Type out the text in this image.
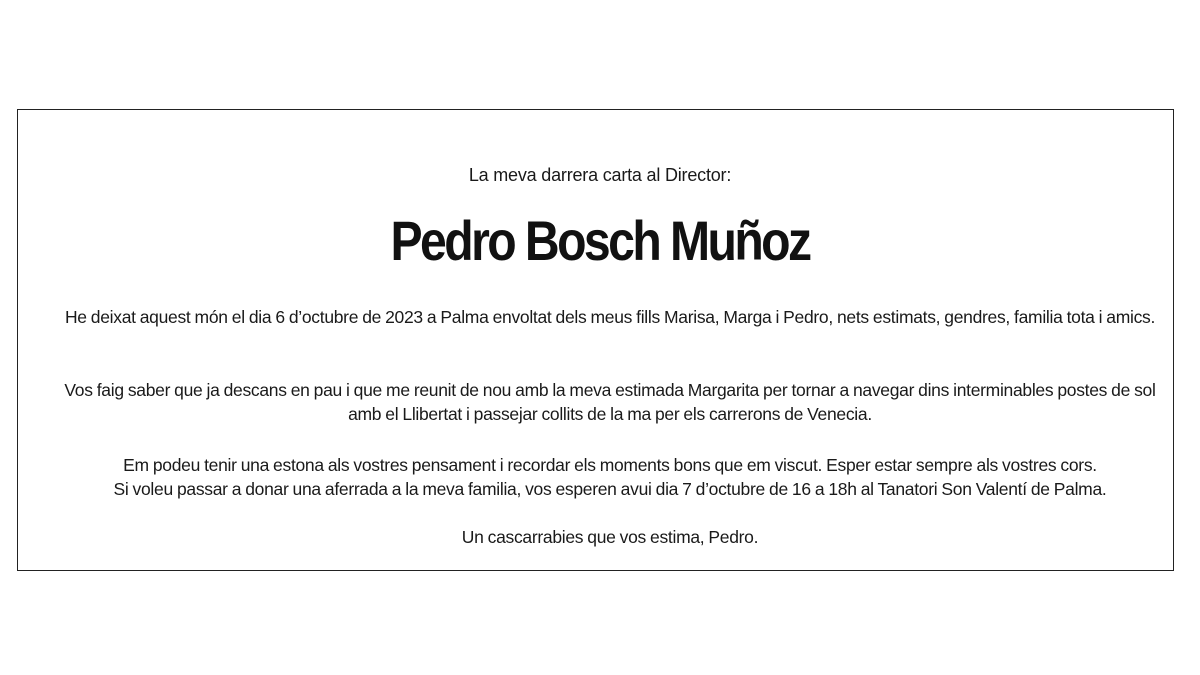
La meva darrera carta al Director:
Pedro Bosch Muñoz

He deixat aquest món el dia 6 d’octubre de 2023 a Palma envoltat dels meus fills Marisa, Marga i Pedro, nets estimats, gendres, familia tota i amics.

Vos faig saber que ja descans en pau i que me reunit de nou amb la meva estimada Margarita per tornar a navegar dins interminables postes de sol amb el Llibertat i passejar collits de la ma per els carrerons de Venecia.

Em podeu tenir una estona als vostres pensament i recordar els moments bons que em viscut. Esper estar sempre als vostres cors.

Si voleu passar a donar una aferrada a la meva familia, vos esperen avui dia 7 d’octubre de 16 a 18h al Tanatori Son Valentí de Palma.

Un cascarrabies que vos estima, Pedro.
